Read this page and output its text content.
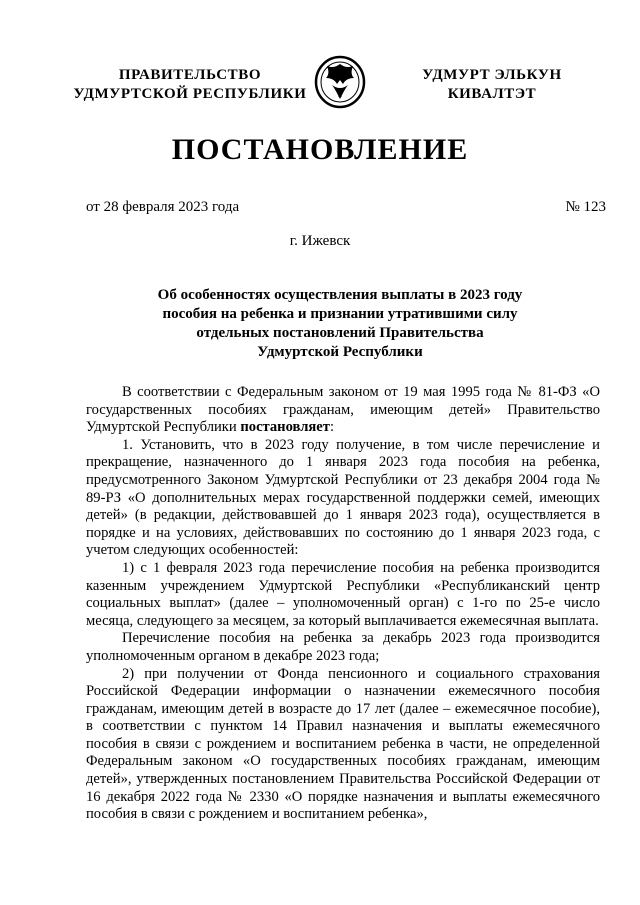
ПРАВИТЕЛЬСТВО
УДМУРТСКОЙ РЕСПУБЛИКИ
УДМУРТ ЭЛЬКУН
КИВАЛТЭТ
ПОСТАНОВЛЕНИЕ
от 28 февраля 2023 года	№ 123
г. Ижевск
Об особенностях осуществления выплаты в 2023 году
пособия на ребенка и признании утратившими силу
отдельных постановлений Правительства
Удмуртской Республики

В соответствии с Федеральным законом от 19 мая 1995 года № 81-ФЗ «О государственных пособиях гражданам, имеющим детей» Правительство Удмуртской Республики постановляет:

1. Установить, что в 2023 году получение, в том числе перечисление и прекращение, назначенного до 1 января 2023 года пособия на ребенка, предусмотренного Законом Удмуртской Республики от 23 декабря 2004 года № 89-РЗ «О дополнительных мерах государственной поддержки семей, имеющих детей» (в редакции, действовавшей до 1 января 2023 года), осуществляется в порядке и на условиях, действовавших по состоянию до 1 января 2023 года, с учетом следующих особенностей:

1) с 1 февраля 2023 года перечисление пособия на ребенка производится казенным учреждением Удмуртской Республики «Республиканский центр социальных выплат» (далее – уполномоченный орган) с 1-го по 25-е число месяца, следующего за месяцем, за который выплачивается ежемесячная выплата.

Перечисление пособия на ребенка за декабрь 2023 года производится уполномоченным органом в декабре 2023 года;

2) при получении от Фонда пенсионного и социального страхования Российской Федерации информации о назначении ежемесячного пособия гражданам, имеющим детей в возрасте до 17 лет (далее – ежемесячное пособие), в соответствии с пунктом 14 Правил назначения и выплаты ежемесячного пособия в связи с рождением и воспитанием ребенка в части, не определенной Федеральным законом «О государственных пособиях гражданам, имеющим детей», утвержденных постановлением Правительства Российской Федерации от 16 декабря 2022 года № 2330 «О порядке назначения и выплаты ежемесячного пособия в связи с рождением и воспитанием ребенка»,
